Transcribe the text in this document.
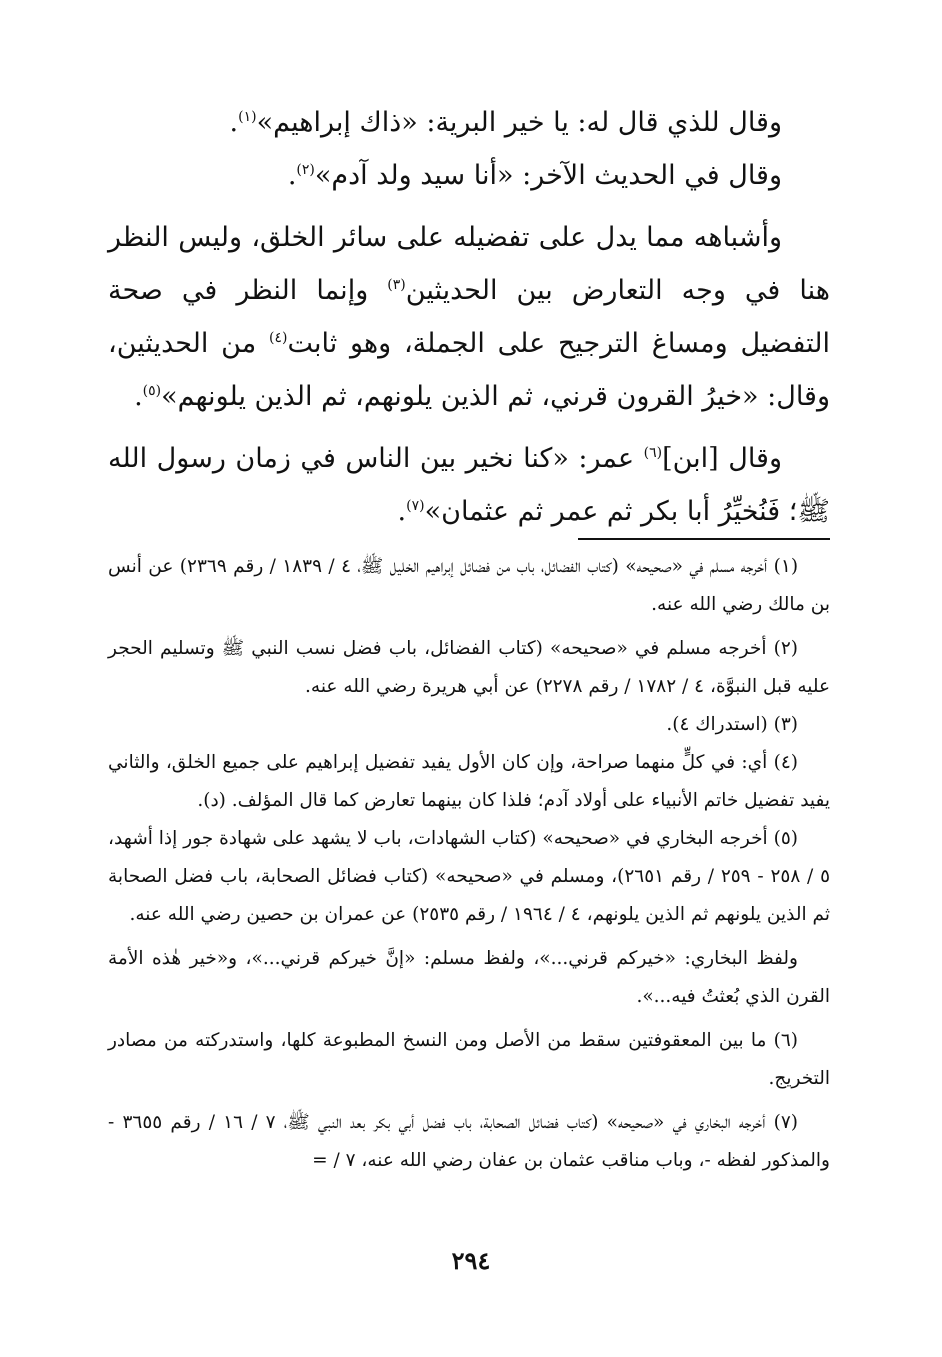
وقال للذي قال له: يا خير البرية: «ذاك إبراهيم»$^{(١)}$.

وقال في الحديث الآخر: «أنا سيد ولد آدم»$^{(٢)}$.

وأشباهه مما يدل على تفضيله على سائر الخلق، وليس النظر هنا في وجه التعارض بين الحديثين$^{(٣)}$ وإنما النظر في صحة التفضيل ومساغ الترجيح على الجملة، وهو ثابت$^{(٤)}$ من الحديثين، وقال: «خيرُ القرون قرني، ثم الذين يلونهم، ثم الذين يلونهم»$^{(٥)}$.

وقال [ابن]$^{(٦)}$ عمر: «كنا نخير بين الناس في زمان رسول الله ﷺ؛ فَنُخيِّرُ أبا بكر ثم عمر ثم عثمان»$^{(٧)}$.

(١) أخرجه مسلم في «صحيحه» (كتاب الفضائل، باب من فضائل إبراهيم الخليل ﷺ، ٤ / ١٨٣٩ / رقم ٢٣٦٩) عن أنس بن مالك رضي الله عنه.

(٢) أخرجه مسلم في «صحيحه» (كتاب الفضائل، باب فضل نسب النبي ﷺ وتسليم الحجر عليه قبل النبوَّة، ٤ / ١٧٨٢ / رقم ٢٢٧٨) عن أبي هريرة رضي الله عنه.

(٣) (استدراك ٤).

(٤) أي: في كلٍّ منهما صراحة، وإن كان الأول يفيد تفضيل إبراهيم على جميع الخلق، والثاني يفيد تفضيل خاتم الأنبياء على أولاد آدم؛ فلذا كان بينهما تعارض كما قال المؤلف. (د).

(٥) أخرجه البخاري في «صحيحه» (كتاب الشهادات، باب لا يشهد على شهادة جور إذا أشهد، ٥ / ٢٥٨ - ٢٥٩ / رقم ٢٦٥١)، ومسلم في «صحيحه» (كتاب فضائل الصحابة، باب فضل الصحابة ثم الذين يلونهم ثم الذين يلونهم، ٤ / ١٩٦٤ / رقم ٢٥٣٥) عن عمران بن حصين رضي الله عنه.

ولفظ البخاري: «خيركم قرني...»، ولفظ مسلم: «إنَّ خيركم قرني...»، و«خير هٰذه الأمة القرن الذي بُعثتُ فيه...».

(٦) ما بين المعقوفتين سقط من الأصل ومن النسخ المطبوعة كلها، واستدركته من مصادر التخريج.

(٧) أخرجه البخاري في «صحيحه» (كتاب فضائل الصحابة، باب فضل أبي بكر بعد النبي ﷺ، ٧ / ١٦ / رقم ٣٦٥٥ - والمذكور لفظه -، وباب مناقب عثمان بن عفان رضي الله عنه، ٧ / =

٢٩٤
